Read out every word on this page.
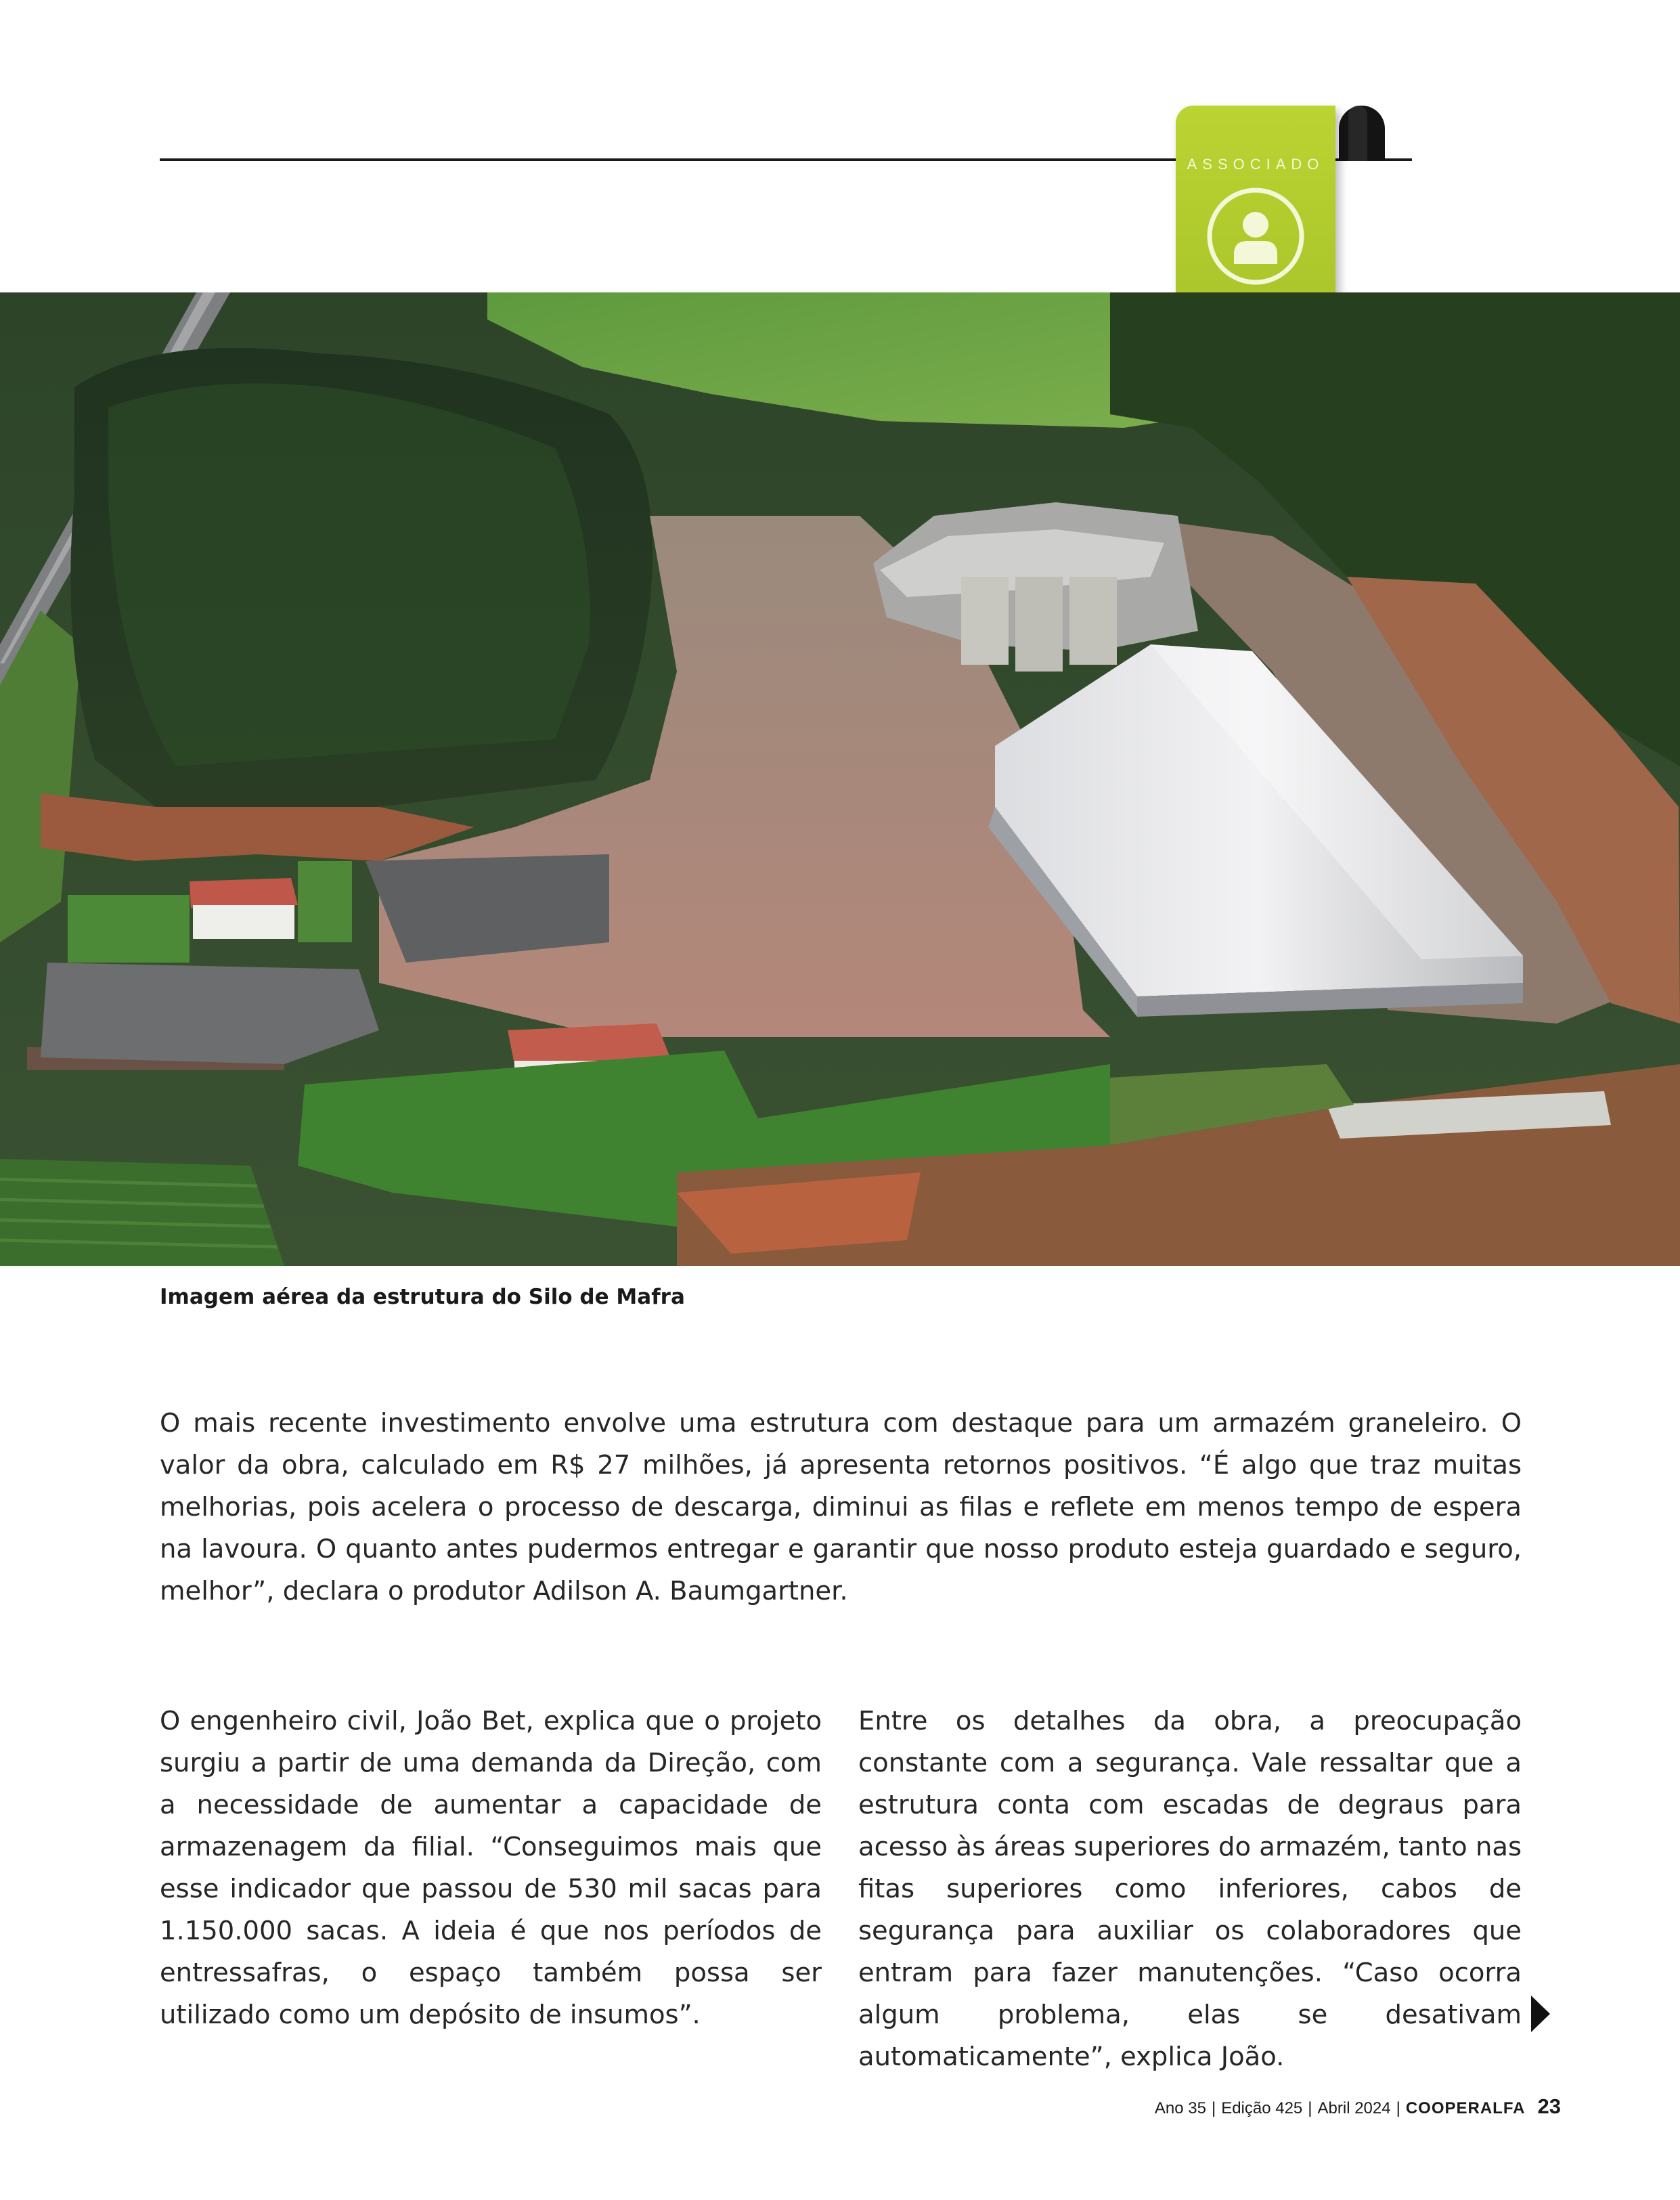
ASSOCIADO
Imagem aérea da estrutura do Silo de Mafra

O mais recente investimento envolve uma estrutura com destaque para um armazém graneleiro. O valor da obra, calculado em R$ 27 milhões, já apresenta retornos positivos. “É algo que traz muitas melhorias, pois acelera o processo de descarga, diminui as filas e reflete em menos tempo de espera na lavoura. O quanto antes pudermos entregar e garantir que nosso produto esteja guardado e seguro, melhor”, declara o produtor Adilson A. Baumgartner.

O engenheiro civil, João Bet, explica que o projeto surgiu a partir de uma demanda da Direção, com a necessidade de aumentar a capacidade de armazenagem da filial. “Conseguimos mais que esse indicador que passou de 530 mil sacas para 1.150.000 sacas. A ideia é que nos períodos de entressafras, o espaço também possa ser utilizado como um depósito de insumos”.

Entre os detalhes da obra, a preocupação constante com a segurança. Vale ressaltar que a estrutura conta com escadas de degraus para acesso às áreas superiores do armazém, tanto nas fitas superiores como inferiores, cabos de segurança para auxiliar os colaboradores que entram para fazer manutenções. “Caso ocorra algum problema, elas se desativam automaticamente”, explica João.

Ano 35 | Edição 425 | Abril 2024 | COOPERALFA 23
